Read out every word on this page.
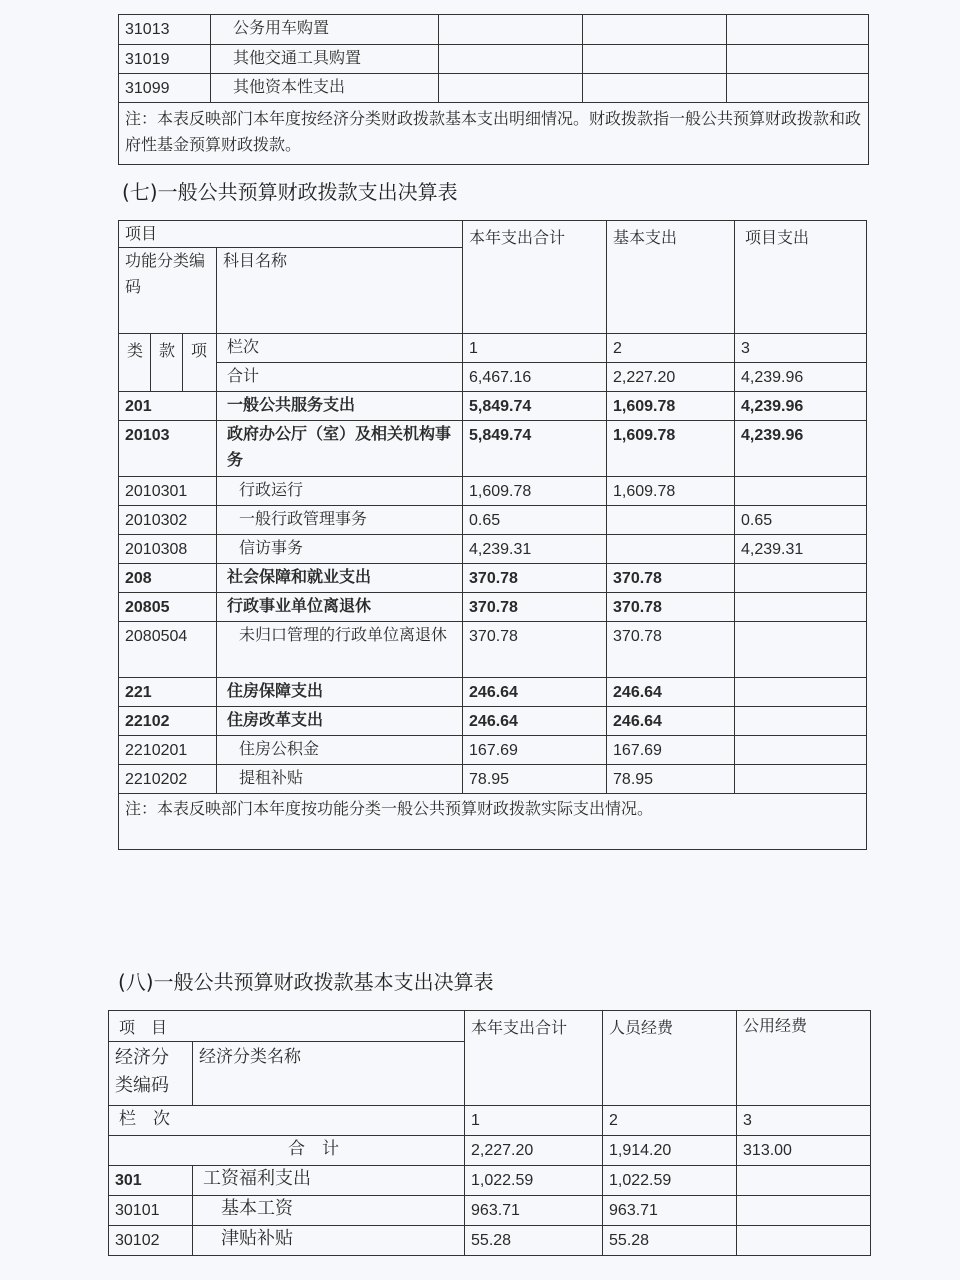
31013	公务用车购置			
31019	其他交通工具购置			
31099	其他资本性支出			
注：本表反映部门本年度按经济分类财政拨款基本支出明细情况。财政拨款指一般公共预算财政拨款和政府性基金预算财政拨款。				
(七)一般公共预算财政拨款支出决算表
项目				本年支出合计	基本支出	项目支出
功能分类编码			科目名称			
类	款	项	栏次	1	2	3
			合计	6,467.16	2,227.20	4,239.96
201			一般公共服务支出	5,849.74	1,609.78	4,239.96
20103			政府办公厅（室）及相关机构事务	5,849.74	1,609.78	4,239.96
2010301			行政运行	1,609.78	1,609.78	
2010302			一般行政管理事务	0.65		0.65
2010308			信访事务	4,239.31		4,239.31
208			社会保障和就业支出	370.78	370.78	
20805			行政事业单位离退休	370.78	370.78	
2080504			未归口管理的行政单位离退休	370.78	370.78	
221			住房保障支出	246.64	246.64	
22102			住房改革支出	246.64	246.64	
2210201			住房公积金	167.69	167.69	
2210202			提租补贴	78.95	78.95	
注：本表反映部门本年度按功能分类一般公共预算财政拨款实际支出情况。						
(八)一般公共预算财政拨款基本支出决算表
项　目		本年支出合计	人员经费	公用经费
经济分类编码	经济分类名称			
栏　次		1	2	3
合　计		2,227.20	1,914.20	313.00
301	工资福利支出	1,022.59	1,022.59	
30101	基本工资	963.71	963.71	
30102	津贴补贴	55.28	55.28	
